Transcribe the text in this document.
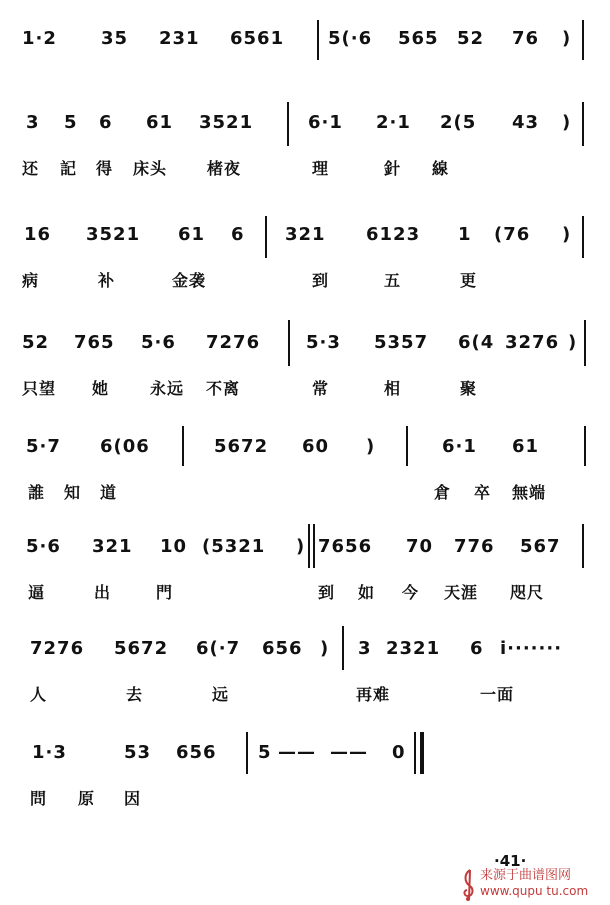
1·2 35 231 6561 5(·6 565 52 76 )
3 5 6 61 3521	6·1 2·1 2(5 43 )
还 記 得 床头 楮夜	理	針 線
16 3521 61 6 321 6123 1 (76 )
病	补	金袭	到	五	更
52 765 5·6 7276	5·3 5357 6(4 3276 )
只望 她	永远 不离	常	相	聚
5·7 6(06	5672 60 )	6·1 61
誰 知 道	倉 卒 無端
5·6 321 10 (5321 ) 7656 70 776 567
逼	出	門	到 如 今 天涯 咫尺
7276 5672 6(·7 656 ) 3 2321 6 i·······
人	去	远	再难	一面
1·3	53 656 5 —— —— 0
問 原 因
·41·
来源于曲谱图网
www.qupu tu.com
